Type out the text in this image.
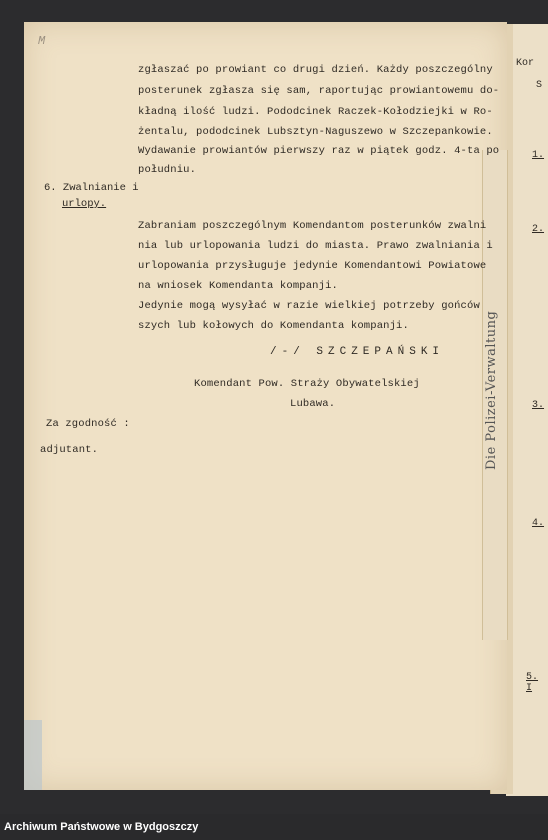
Kor
S
1.
2.
3.
4.
5. I
Die Polizei-Verwaltung
M
zgłaszać po prowiant co drugi dzień. Każdy poszczególny
posterunek zgłasza się sam, raportując prowiantowemu do-
kładną ilość ludzi. Pododcinek Raczek-Kołodziejki w Ro-
żentalu, pododcinek Lubsztyn-Naguszewo w Szczepankowie.
Wydawanie prowiantów pierwszy raz w piątek godz. 4-ta po
południu.
6. Zwalnianie i
urlopy.
Zabraniam poszczególnym Komendantom posterunków zwalni
nia lub urlopowania ludzi do miasta. Prawo zwalniania i
urlopowania przysługuje jedynie Komendantowi Powiatowe
na wniosek Komendanta kompanji.
Jedynie mogą wysyłać w razie wielkiej potrzeby gońców
szych lub kołowych do Komendanta kompanji.
/-/ SZCZEPAŃSKI
Komendant Pow. Straży Obywatelskiej
Lubawa.
Za zgodność :
adjutant.
Archiwum Państwowe w Bydgoszczy
